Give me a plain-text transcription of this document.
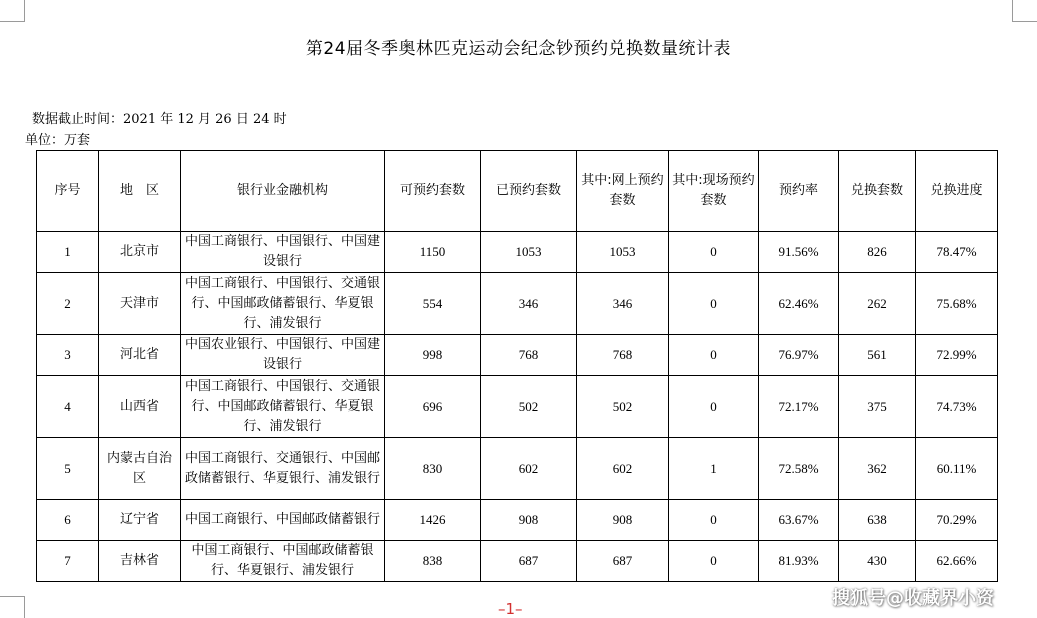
第24届冬季奥林匹克运动会纪念钞预约兑换数量统计表
数据截止时间：2021 年 12 月 26 日 24 时
单位：万套
序号	地　区	银行业金融机构	可预约套数	已预约套数	其中:网上预约套数	其中:现场预约套数	预约率	兑换套数	兑换进度
1	北京市	中国工商银行、中国银行、中国建设银行	1150	1053	1053	0	91.56%	826	78.47%
2	天津市	中国工商银行、中国银行、交通银行、中国邮政储蓄银行、华夏银行、浦发银行	554	346	346	0	62.46%	262	75.68%
3	河北省	中国农业银行、中国银行、中国建设银行	998	768	768	0	76.97%	561	72.99%
4	山西省	中国工商银行、中国银行、交通银行、中国邮政储蓄银行、华夏银行、浦发银行	696	502	502	0	72.17%	375	74.73%
5	内蒙古自治区	中国工商银行、交通银行、中国邮政储蓄银行、华夏银行、浦发银行	830	602	602	1	72.58%	362	60.11%
6	辽宁省	中国工商银行、中国邮政储蓄银行	1426	908	908	0	63.67%	638	70.29%
7	吉林省	中国工商银行、中国邮政储蓄银行、华夏银行、浦发银行	838	687	687	0	81.93%	430	62.66%
搜狐号@收藏界小资
–1–
